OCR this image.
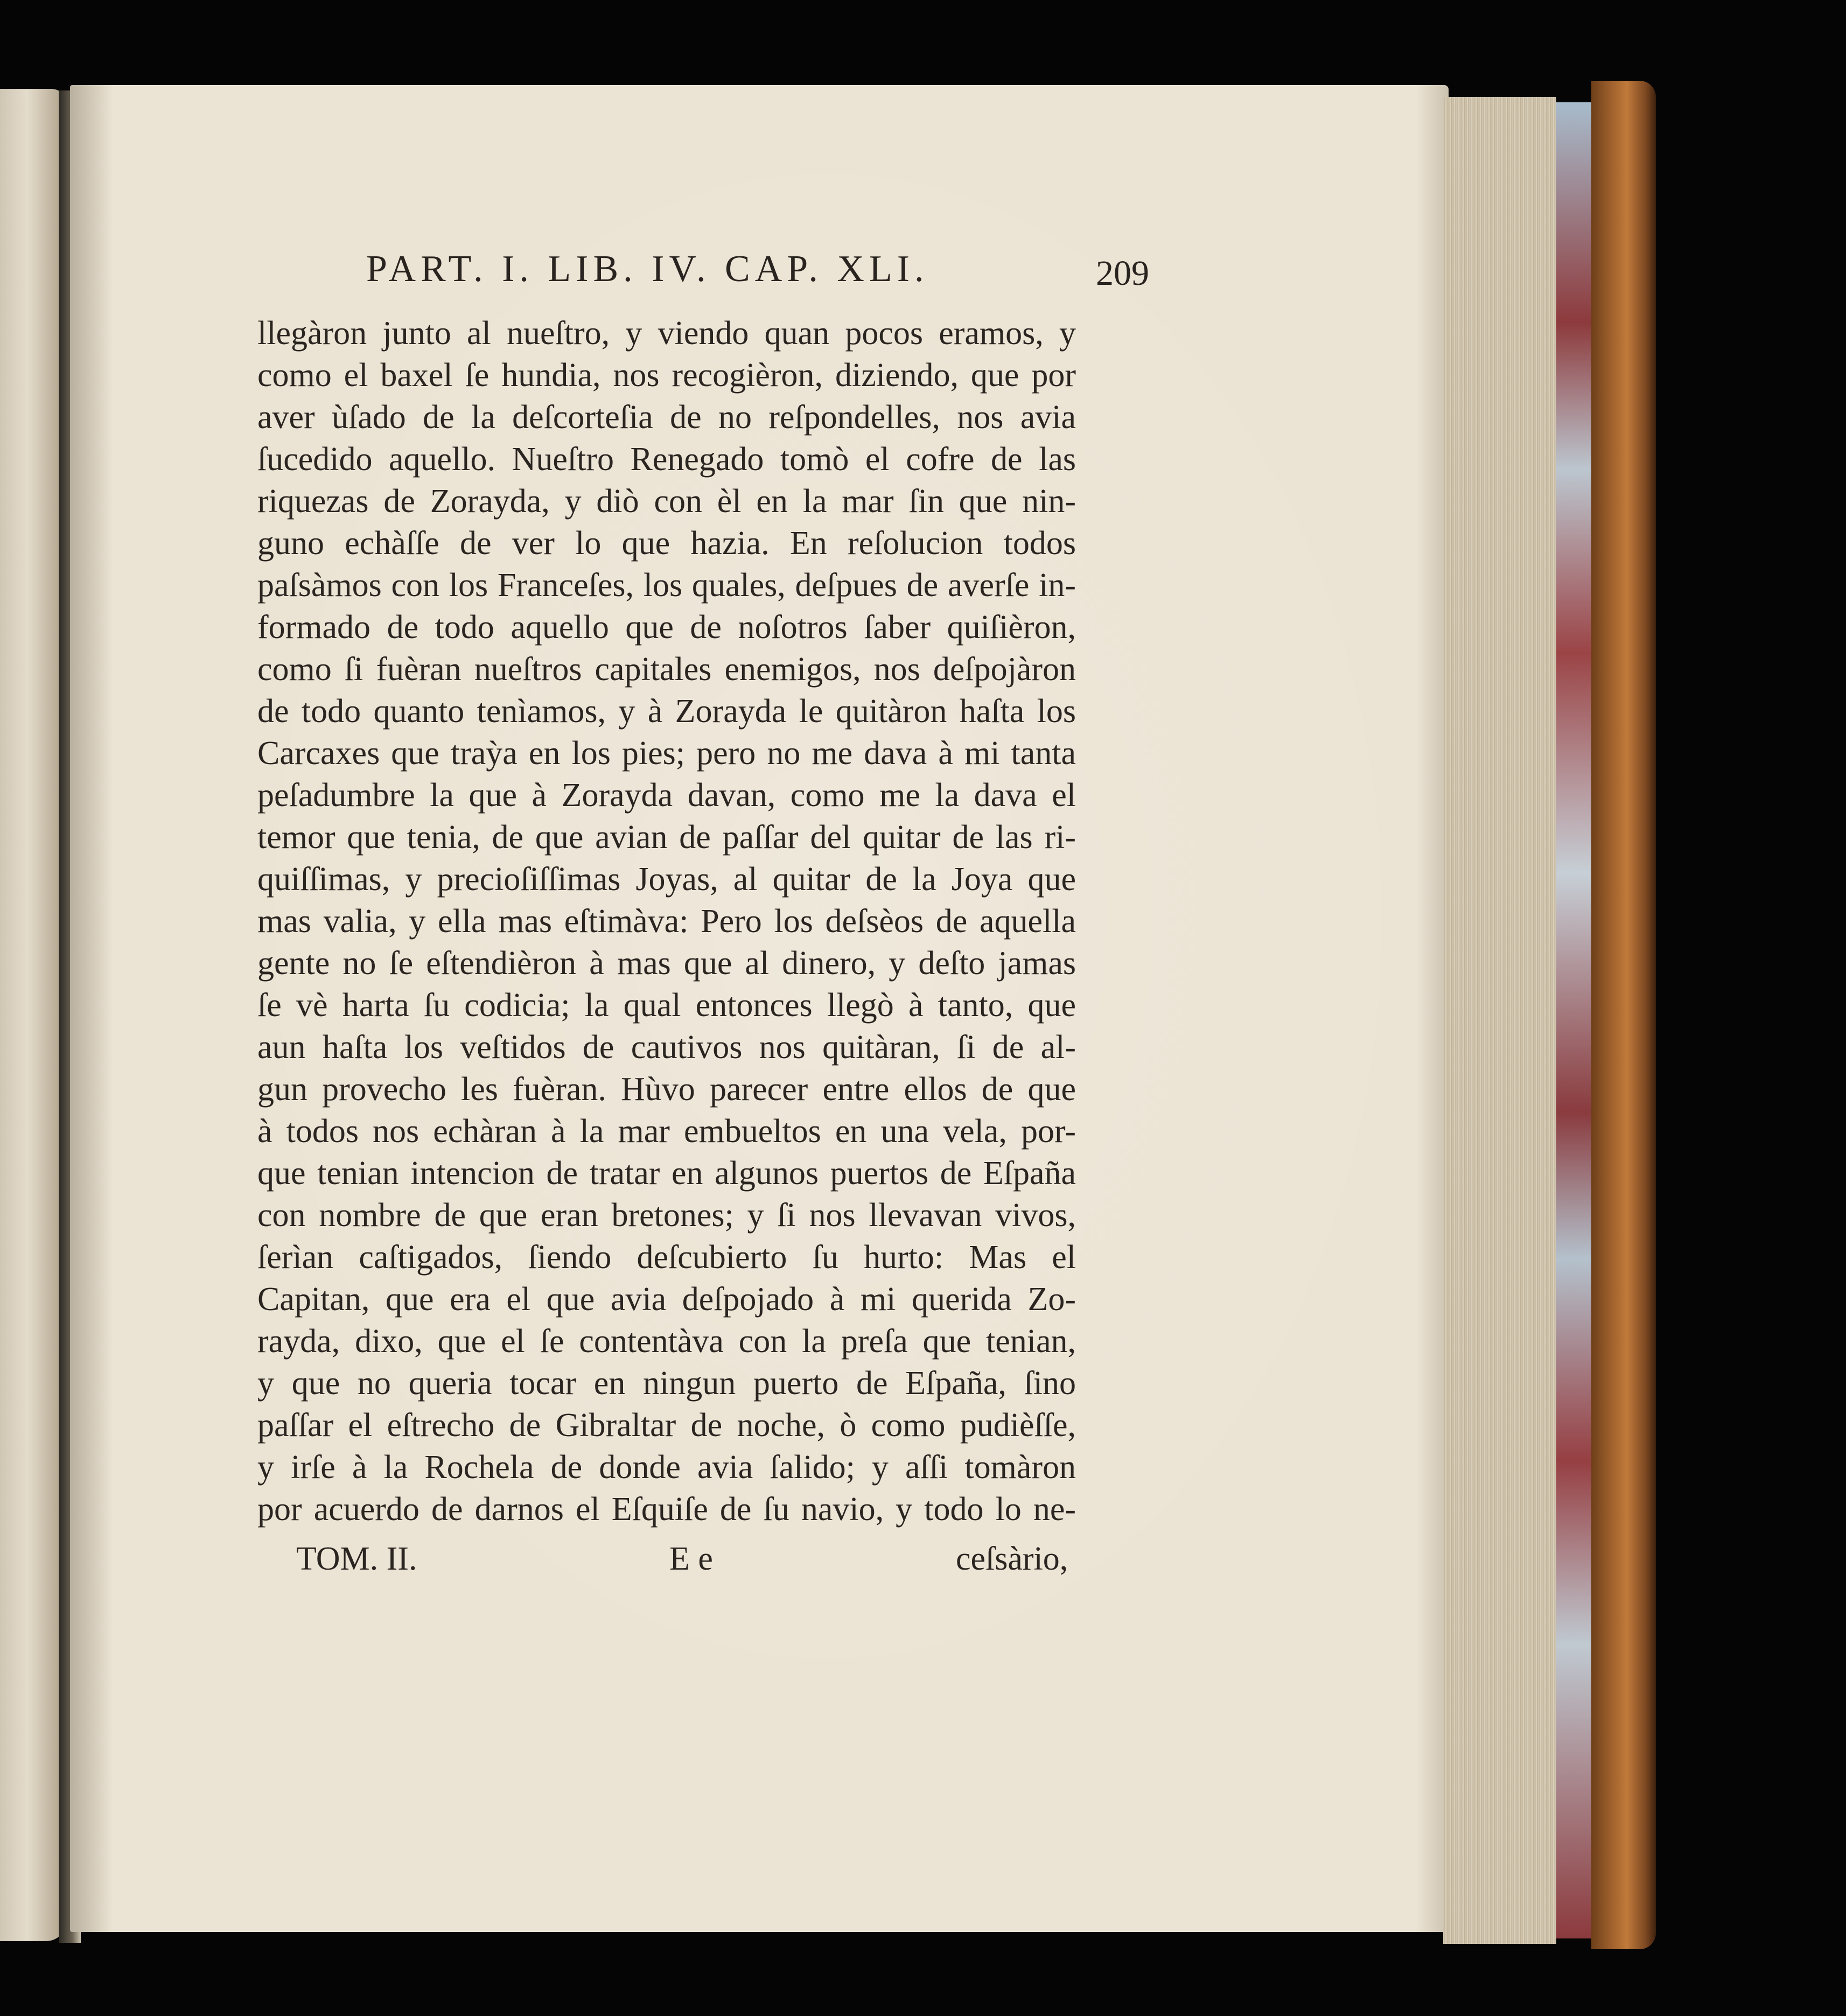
PART. I. LIB. IV. CAP. XLI.	209
llegàron junto al nueſtro, y viendo quan pocos eramos, y
como el baxel ſe hundia, nos recogièron, diziendo, que por
aver ùſado de la deſcorteſia de no reſpondelles, nos avia
ſucedido aquello. Nueſtro Renegado tomò el cofre de las
riquezas de Zorayda, y diò con èl en la mar ſin que nin-
guno echàſſe de ver lo que hazia. En reſolucion todos
paſsàmos con los Franceſes, los quales, deſpues de averſe in-
formado de todo aquello que de noſotros ſaber quiſièron,
como ſi fuèran nueſtros capitales enemigos, nos deſpojàron
de todo quanto tenìamos, y à Zorayda le quitàron haſta los
Carcaxes que traỳa en los pies; pero no me dava à mi tanta
peſadumbre la que à Zorayda davan, como me la dava el
temor que tenia, de que avian de paſſar del quitar de las ri-
quiſſimas, y precioſiſſimas Joyas, al quitar de la Joya que
mas valia, y ella mas eſtimàva: Pero los deſsèos de aquella
gente no ſe eſtendièron à mas que al dinero, y deſto jamas
ſe vè harta ſu codicia; la qual entonces llegò à tanto, que
aun haſta los veſtidos de cautivos nos quitàran, ſi de al-
gun provecho les fuèran. Hùvo parecer entre ellos de que
à todos nos echàran à la mar embueltos en una vela, por-
que tenian intencion de tratar en algunos puertos de Eſpaña
con nombre de que eran bretones; y ſi nos llevavan vivos,
ſerìan caſtigados, ſiendo deſcubierto ſu hurto: Mas el
Capitan, que era el que avia deſpojado à mi querida Zo-
rayda, dixo, que el ſe contentàva con la preſa que tenian,
y que no queria tocar en ningun puerto de Eſpaña, ſino
paſſar el eſtrecho de Gibraltar de noche, ò como pudièſſe,
y irſe à la Rochela de donde avia ſalido; y aſſi tomàron
por acuerdo de darnos el Eſquiſe de ſu navio, y todo lo ne-
TOM. II.	E e	ceſsàrio,
